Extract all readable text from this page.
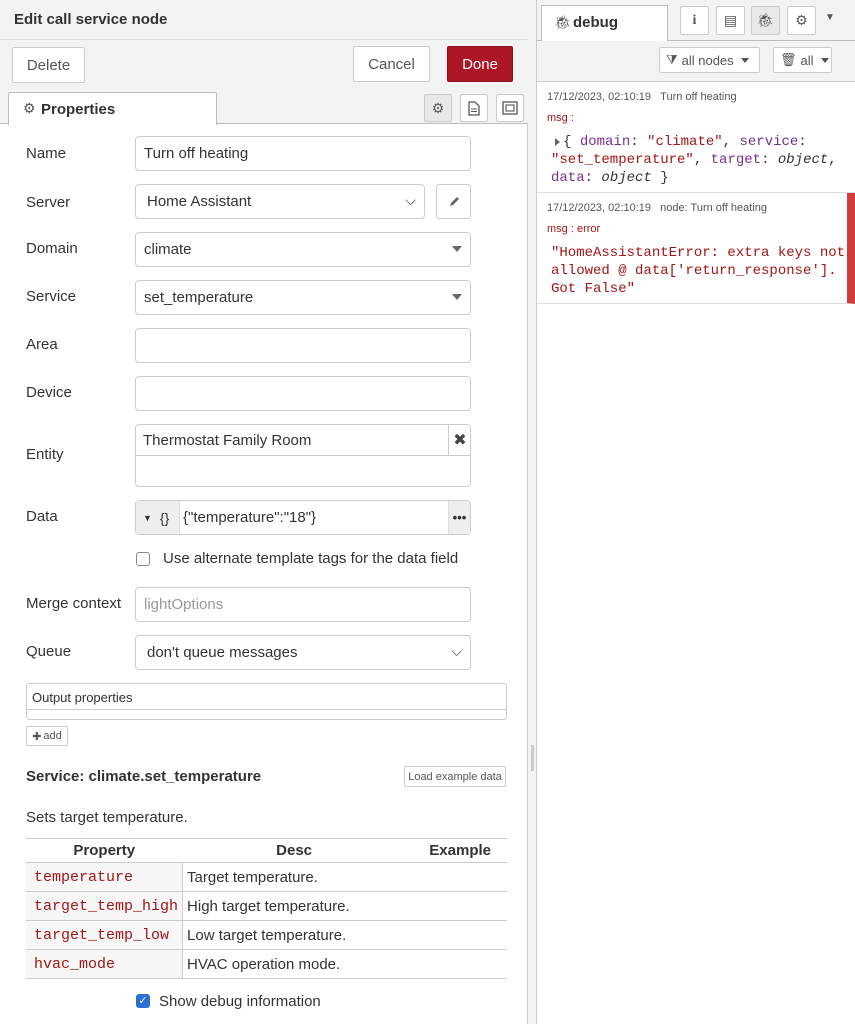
Edit call service node
Delete	Cancel	Done
⚙ Properties	⚙
Name	Turn off heating
Server	Home Assistant	⌵
Domain	climate
Service	set_temperature
Area
Device
Entity
Thermostat Family Room	✖
Data	▼ {} {"temperature":"18"}	•••
Use alternate template tags for the data field
Merge context	lightOptions
Queue	don't queue messages	⌵
Output properties
✚ add
Service: climate.set_temperature	Load example data
Sets target temperature.
Property	Desc	Example
temperature	Target temperature.	
target_temp_high	High target temperature.	
target_temp_low	Low target temperature.	
hvac_mode	HVAC operation mode.	
✓ Show debug information
🐞︎ debug	i ▤ 🐞︎ ⚙ ▼
⧩ all nodes	🗑︎ all
17/12/2023, 02:10:19 Turn off heating
msg :
{ domain: "climate", service:
"set_temperature", target: object,
data: object }
17/12/2023, 02:10:19 node: Turn off heating
msg : error
"HomeAssistantError: extra keys not
allowed @ data['return_response'].
Got False"
